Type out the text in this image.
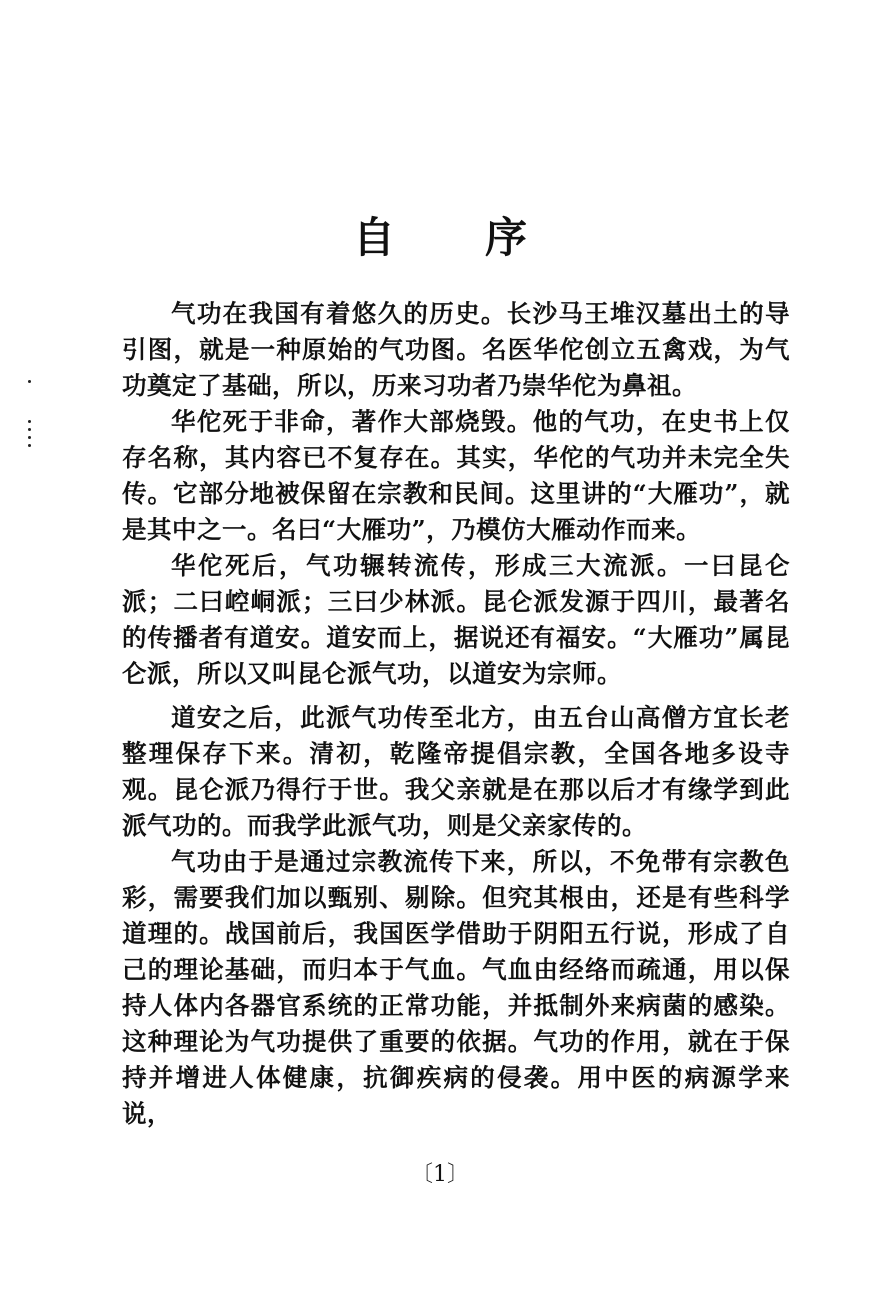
自 序

气功在我国有着悠久的历史。长沙马王堆汉墓出土的导引图，就是一种原始的气功图。名医华佗创立五禽戏，为气功奠定了基础，所以，历来习功者乃崇华佗为鼻祖。

华佗死于非命，著作大部烧毁。他的气功，在史书上仅存名称，其内容已不复存在。其实，华佗的气功并未完全失传。它部分地被保留在宗教和民间。这里讲的“大雁功”，就是其中之一。名曰“大雁功”，乃模仿大雁动作而来。

华佗死后，气功辗转流传，形成三大流派。一曰昆仑派；二曰崆峒派；三曰少林派。昆仑派发源于四川，最著名的传播者有道安。道安而上，据说还有福安。“大雁功”属昆仑派，所以又叫昆仑派气功，以道安为宗师。

道安之后，此派气功传至北方，由五台山高僧方宜长老整理保存下来。清初，乾隆帝提倡宗教，全国各地多设寺观。昆仑派乃得行于世。我父亲就是在那以后才有缘学到此派气功的。而我学此派气功，则是父亲家传的。

气功由于是通过宗教流传下来，所以，不免带有宗教色彩，需要我们加以甄别、剔除。但究其根由，还是有些科学道理的。战国前后，我国医学借助于阴阳五行说，形成了自己的理论基础，而归本于气血。气血由经络而疏通，用以保持人体内各器官系统的正常功能，并抵制外来病菌的感染。这种理论为气功提供了重要的依据。气功的作用，就在于保持并增进人体健康，抗御疾病的侵袭。用中医的病源学来说，

〔1〕
